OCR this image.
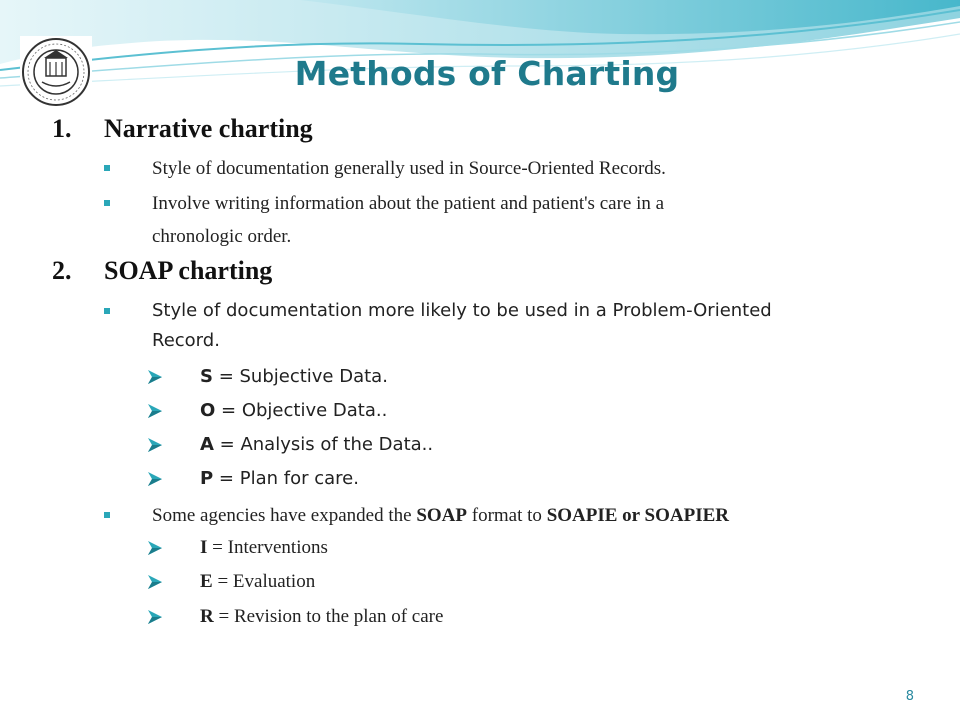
Methods of Charting
1. Narrative charting
Style of documentation generally used in Source-Oriented Records.
Involve writing information about the patient and patient's care in a
chronologic order.
2. SOAP charting
Style of documentation more likely to be used in a Problem-Oriented
Record.
S = Subjective Data.
O = Objective Data..
A = Analysis of the Data..
P = Plan for care.
Some agencies have expanded the SOAP format to SOAPIE or SOAPIER
I = Interventions
E = Evaluation
R = Revision to the plan of care
8
